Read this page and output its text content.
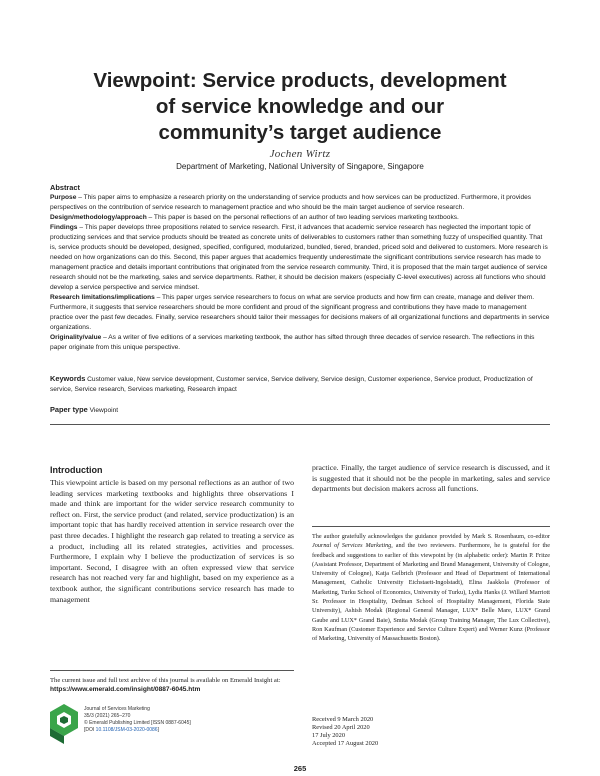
Viewpoint: Service products, development
of service knowledge and our
community’s target audience
Jochen Wirtz
Department of Marketing, National University of Singapore, Singapore
Abstract

Purpose – This paper aims to emphasize a research priority on the understanding of service products and how services can be productized. Furthermore, it provides perspectives on the contribution of service research to management practice and who should be the main target audience of service research.

Design/methodology/approach – This paper is based on the personal reflections of an author of two leading services marketing textbooks.

Findings – This paper develops three propositions related to service research. First, it advances that academic service research has neglected the important topic of productizing services and that service products should be treated as concrete units of deliverables to customers rather than something fuzzy of unspecified quantity. That is, service products should be developed, designed, specified, configured, modularized, bundled, tiered, branded, priced sold and delivered to customers. More research is needed on how organizations can do this. Second, this paper argues that academics frequently underestimate the significant contributions service research has made to management practice and details important contributions that originated from the service research community. Third, it is proposed that the main target audience of service research should not be the marketing, sales and service departments. Rather, it should be decision makers (especially C-level executives) across all functions who should develop a service perspective and service mindset.

Research limitations/implications – This paper urges service researchers to focus on what are service products and how firm can create, manage and deliver them. Furthermore, it suggests that service researchers should be more confident and proud of the significant progress and contributions they have made to management practice over the past few decades. Finally, service researchers should tailor their messages for decisions makers of all organizational functions and departments in service organizations.

Originality/value – As a writer of five editions of a services marketing textbook, the author has sifted through three decades of service research. The reflections in this paper originate from this unique perspective.

Keywords Customer value, New service development, Customer service, Service delivery, Service design, Customer experience, Service product, Productization of service, Service research, Services marketing, Research impact
Paper type Viewpoint
Introduction

This viewpoint article is based on my personal reflections as an author of two leading services marketing textbooks and highlights three observations I made and think are important for the wider service research community to reflect on. First, the service product (and related, service productization) is an important topic that has hardly received attention in service research over the past three decades. I highlight the research gap related to treating a service as a product, including all its related strategies, activities and processes. Furthermore, I explain why I believe the productization of services is so important. Second, I disagree with an often expressed view that service research has not reached very far and highlight, based on my experience as a textbook author, the significant contributions service research has made to management

practice. Finally, the target audience of service research is discussed, and it is suggested that it should not be the people in marketing, sales and service departments but decision makers across all functions.

The current issue and full text archive of this journal is available on Emerald Insight at: https://www.emerald.com/insight/0887-6045.htm
Journal of Services Marketing
35/3 (2021) 265–270
© Emerald Publishing Limited [ISSN 0887-6045]
[DOI 10.1108/JSM-03-2020-0086]
The author gratefully acknowledges the guidance provided by Mark S. Rosenbaum, co-editor Journal of Services Marketing, and the two reviewers. Furthermore, he is grateful for the feedback and suggestions to earlier of this viewpoint by (in alphabetic order): Martin P. Fritze (Assistant Professor, Department of Marketing and Brand Management, University of Cologne, University of Cologne), Katja Gelbrich (Professor and Head of Department of International Management, Catholic University Eichstaett-Ingolstadt), Elina Jaakkola (Professor of Marketing, Turku School of Economics, University of Turku), Lydia Hanks (J. Willard Marriott Sr. Professor in Hospitality, Dedman School of Hospitality Management, Florida State University), Ashish Modak (Regional General Manager, LUX* Belle Mare, LUX* Grand Gaube and LUX* Grand Baie), Smita Modak (Group Training Manager, The Lux Collective), Ron Kaufman (Customer Experience and Service Culture Expert) and Werner Kunz (Professor of Marketing, University of Massachusetts Boston).
Received 9 March 2020
Revised 20 April 2020
17 July 2020
Accepted 17 August 2020
265
